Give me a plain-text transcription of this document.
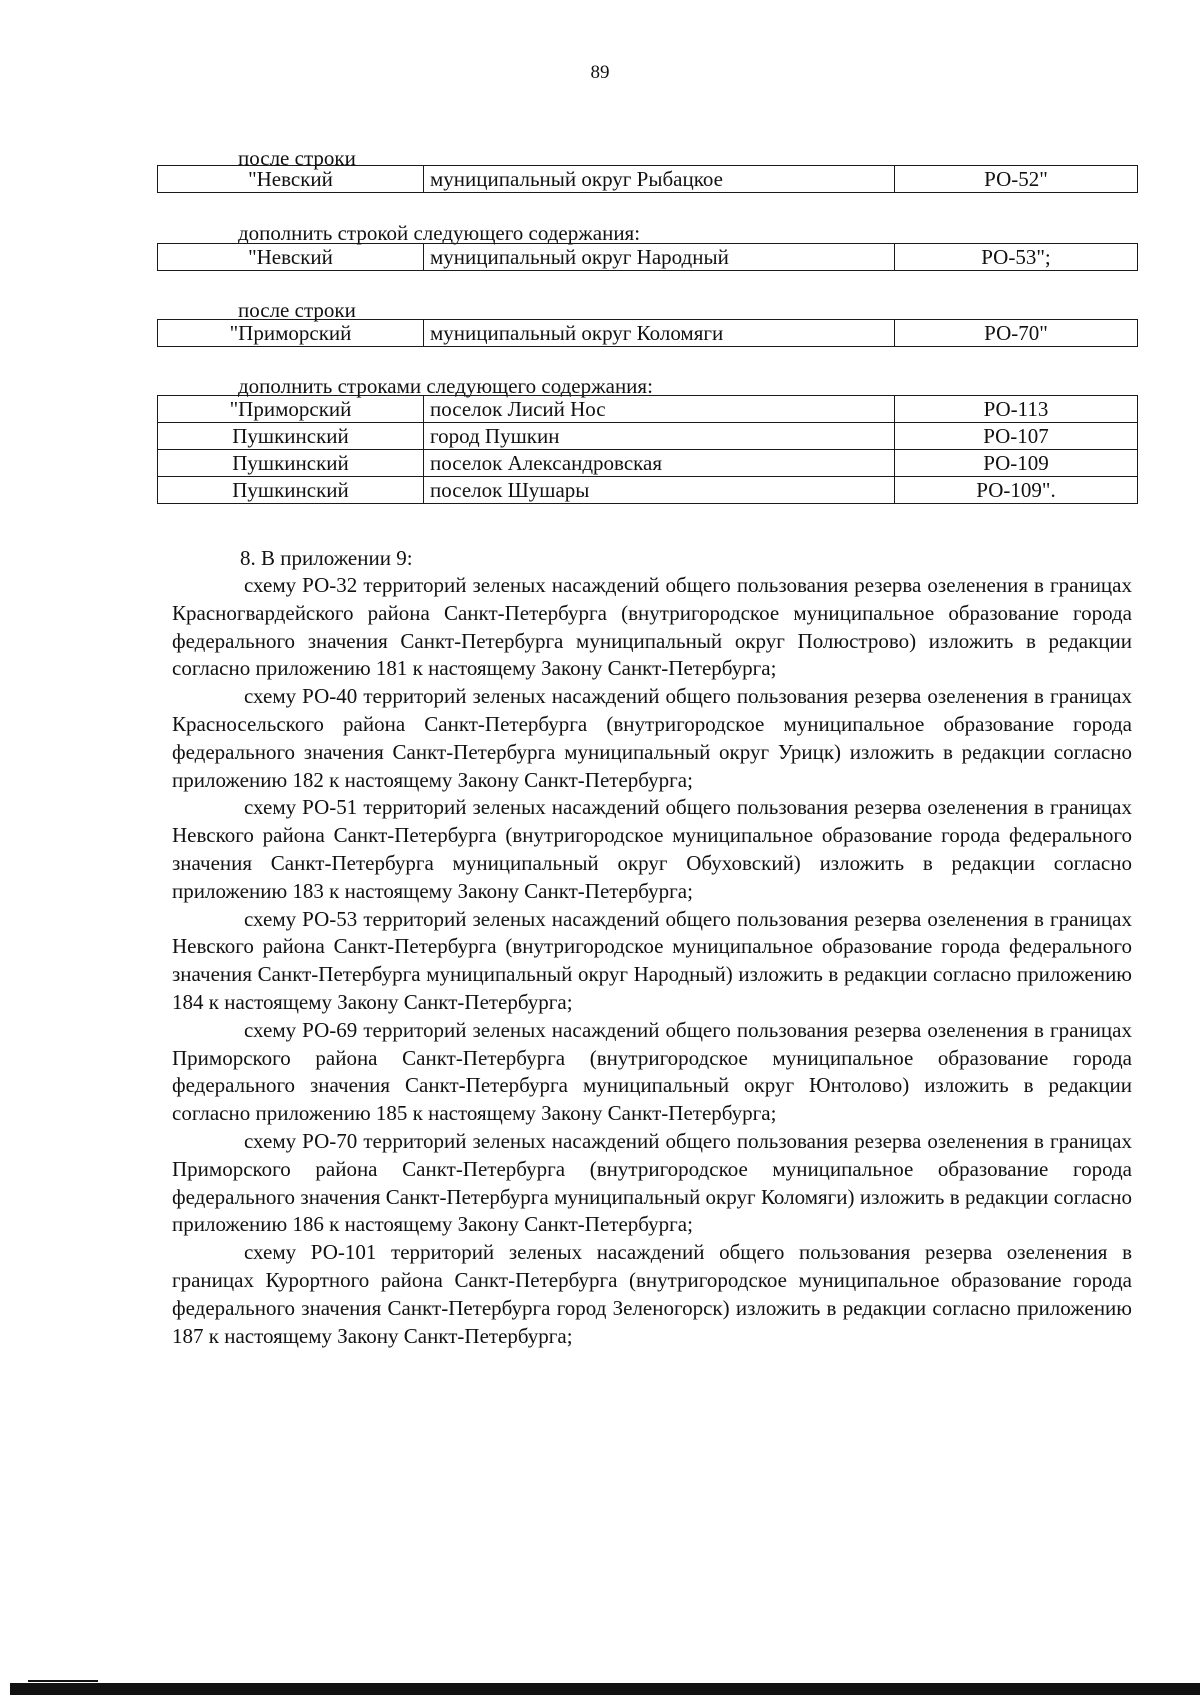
89
после строки
"Невский	муниципальный округ Рыбацкое	РО-52"
дополнить строкой следующего содержания:
"Невский	муниципальный округ Народный	РО-53";
после строки
"Приморский	муниципальный округ Коломяги	РО-70"
дополнить строками следующего содержания:
"Приморский	поселок Лисий Нос	РО-113
Пушкинский	город Пушкин	РО-107
Пушкинский	поселок Александровская	РО-109
Пушкинский	поселок Шушары	РО-109".
8. В приложении 9:

схему РО-32 территорий зеленых насаждений общего пользования резерва озеленения в границах Красногвардейского района Санкт-Петербурга (внутригородское муниципальное образование города федерального значения Санкт-Петербурга муниципальный округ Полюстрово) изложить в редакции согласно приложению 181 к настоящему Закону Санкт-Петербурга;

схему РО-40 территорий зеленых насаждений общего пользования резерва озеленения в границах Красносельского района Санкт-Петербурга (внутригородское муниципальное образование города федерального значения Санкт-Петербурга муниципальный округ Урицк) изложить в редакции согласно приложению 182 к настоящему Закону Санкт-Петербурга;

схему РО-51 территорий зеленых насаждений общего пользования резерва озеленения в границах Невского района Санкт-Петербурга (внутригородское муниципальное образование города федерального значения Санкт-Петербурга муниципальный округ Обуховский) изложить в редакции согласно приложению 183 к настоящему Закону Санкт-Петербурга;

схему РО-53 территорий зеленых насаждений общего пользования резерва озеленения в границах Невского района Санкт-Петербурга (внутригородское муниципальное образование города федерального значения Санкт-Петербурга муниципальный округ Народный) изложить в редакции согласно приложению 184 к настоящему Закону Санкт-Петербурга;

схему РО-69 территорий зеленых насаждений общего пользования резерва озеленения в границах Приморского района Санкт-Петербурга (внутригородское муниципальное образование города федерального значения Санкт-Петербурга муниципальный округ Юнтолово) изложить в редакции согласно приложению 185 к настоящему Закону Санкт-Петербурга;

схему РО-70 территорий зеленых насаждений общего пользования резерва озеленения в границах Приморского района Санкт-Петербурга (внутригородское муниципальное образование города федерального значения Санкт-Петербурга муниципальный округ Коломяги) изложить в редакции согласно приложению 186 к настоящему Закону Санкт-Петербурга;

схему РО-101 территорий зеленых насаждений общего пользования резерва озеленения в границах Курортного района Санкт-Петербурга (внутригородское муниципальное образование города федерального значения Санкт-Петербурга город Зеленогорск) изложить в редакции согласно приложению 187 к настоящему Закону Санкт-Петербурга;
